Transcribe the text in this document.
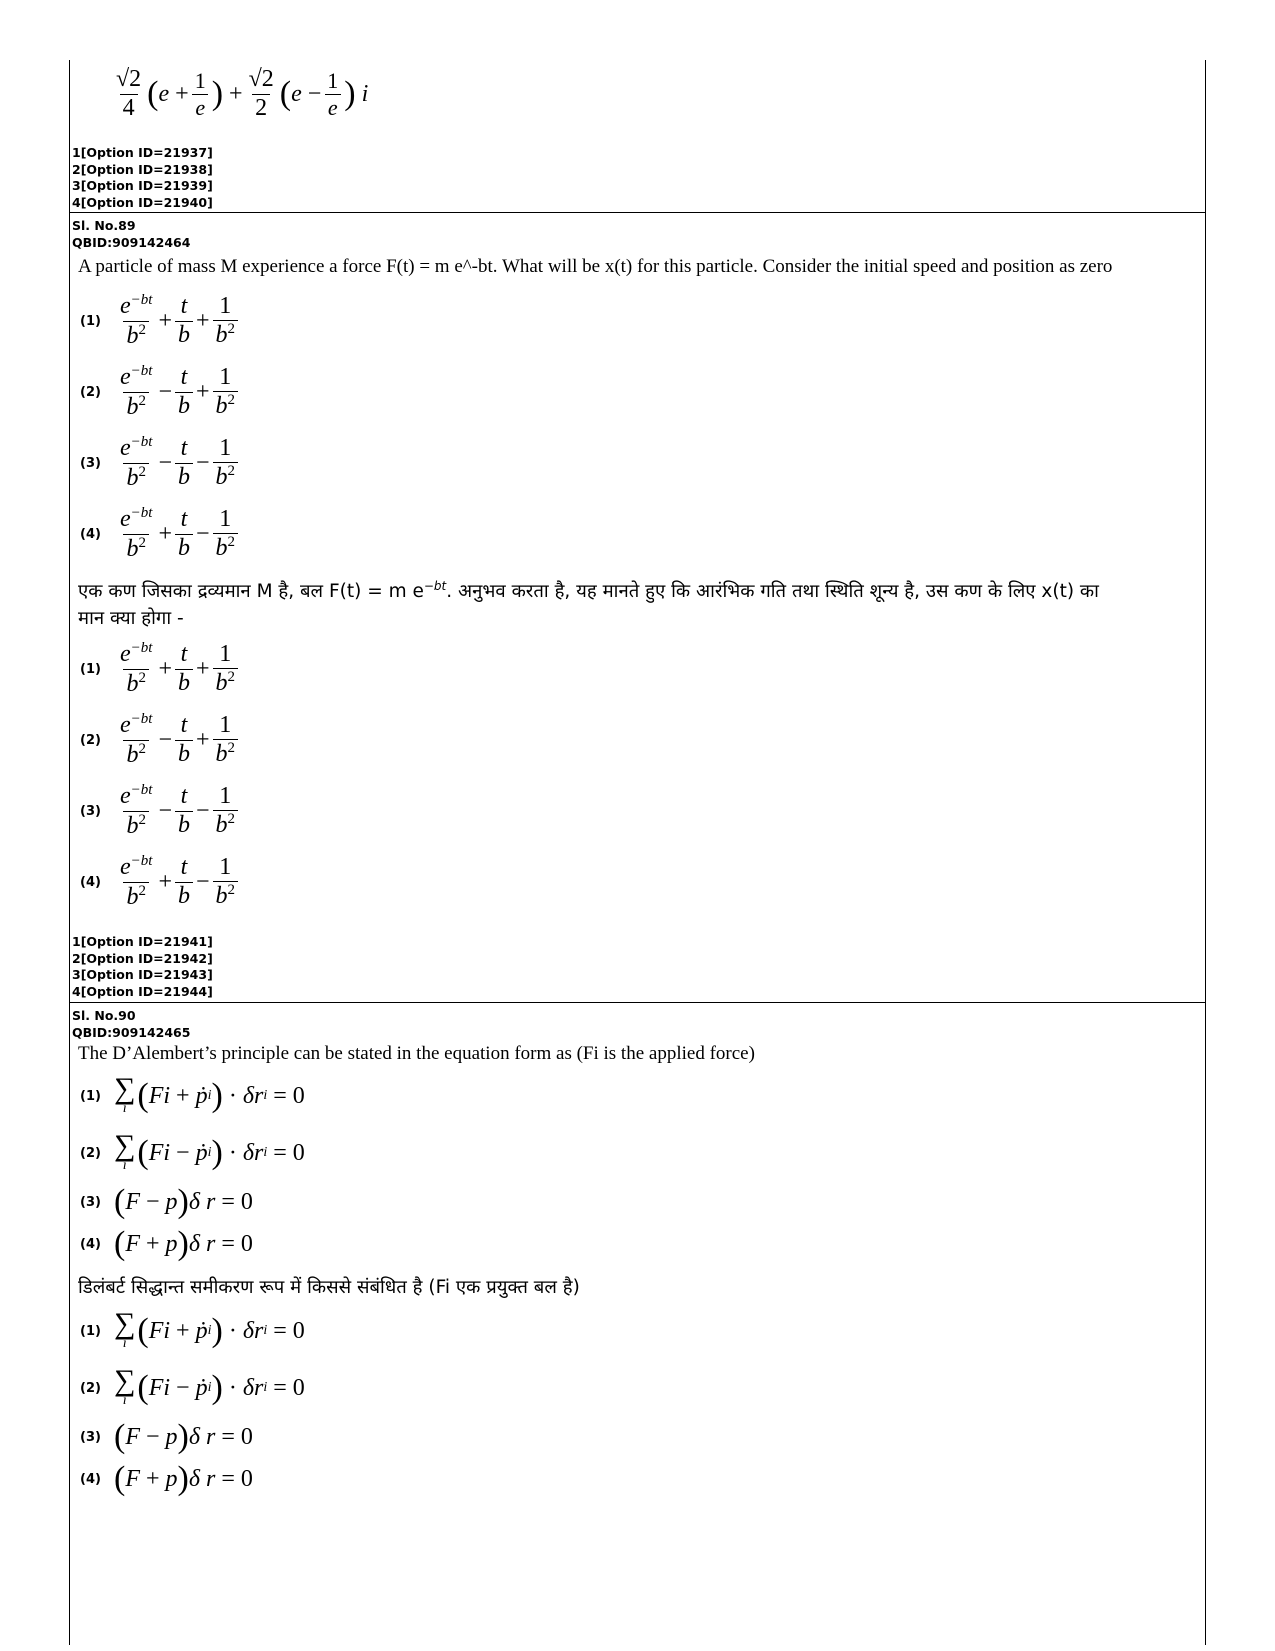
$\frac{√2}{4}$ ( $e + \frac{1}{e}$ ) + $\frac{√2}{2}$ ( $e - \frac{1}{e}$ ) i
1[Option ID=21937]
2[Option ID=21938]
3[Option ID=21939]
4[Option ID=21940]
Sl. No.89
QBID:909142464
A particle of mass M experience a force F(t) = m e^-bt. What will be x(t) for this particle. Consider the initial speed and position as zero
$(1) \frac{e^{-bt}}{b^2} + \frac{t}{b} + \frac{1}{b^2}$
$(2) \frac{e^{-bt}}{b^2} - \frac{t}{b} + \frac{1}{b^2}$
$(3) \frac{e^{-bt}}{b^2} - \frac{t}{b} - \frac{1}{b^2}$
$(4) \frac{e^{-bt}}{b^2} + \frac{t}{b} - \frac{1}{b^2}$
एक कण जिसका द्रव्यमान M है, बल F(t) = m $e^{-bt}$. अनुभव करता है, यह मानते हुए कि आरंभिक गति तथा स्थिति शून्य है, उस कण के लिए x(t) का
मान क्या होगा -
$(1) \frac{e^{-bt}}{b^2} + \frac{t}{b} + \frac{1}{b^2}$
$(2) \frac{e^{-bt}}{b^2} - \frac{t}{b} + \frac{1}{b^2}$
$(3) \frac{e^{-bt}}{b^2} - \frac{t}{b} - \frac{1}{b^2}$
$(4) \frac{e^{-bt}}{b^2} + \frac{t}{b} - \frac{1}{b^2}$
1[Option ID=21941]
2[Option ID=21942]
3[Option ID=21943]
4[Option ID=21944]
Sl. No.90
QBID:909142465
The D’Alembert’s principle can be stated in the equation form as (Fi is the applied force)
(1) ∑
i ( Fi + ṗ i ) · δr i = 0
(2) ∑
i ( Fi − ṗ i ) · δr i = 0
(3) ( F − p ) δ r = 0
(4) ( F + p ) δ r = 0
डिलंबर्ट सिद्धान्त समीकरण रूप में किससे संबंधित है (Fi एक प्रयुक्त बल है)
(1) ∑
i ( Fi + ṗ i ) · δr i = 0
(2) ∑
i ( Fi − ṗ i ) · δr i = 0
(3) ( F − p ) δ r = 0
(4) ( F + p ) δ r = 0
